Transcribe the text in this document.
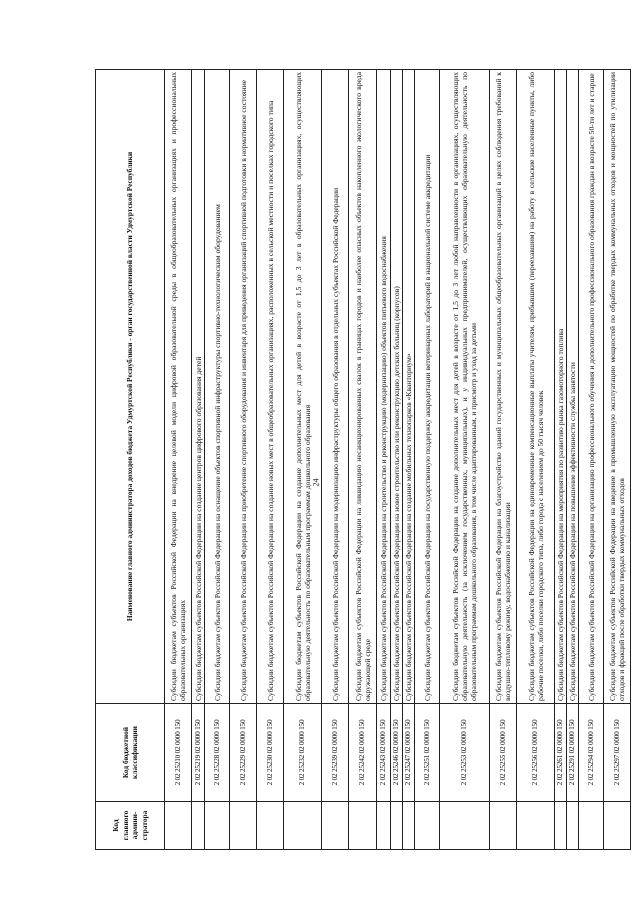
24
Код главного админи-стратора	Код бюджетной классификации	Наименование главного администратора доходов бюджета Удмуртской Республики - орган государственной власти Удмуртской Республики
	2 02 25210 02 0000 150	Субсидии бюджетам субъектов Российской Федерации на внедрение целевой модели цифровой образовательной среды в общеобразовательных организациях и профессиональных образовательных организациях
	2 02 25219 02 0000 150	Субсидии бюджетам субъектов Российской Федерации на создание центров цифрового образования детей
	2 02 25228 02 0000 150	Субсидии бюджетам субъектов Российской Федерации на оснащение объектов спортивной инфраструктуры спортивно-технологическим оборудованием
	2 02 25229 02 0000 150	Субсидии бюджетам субъектов Российской Федерации на приобретение спортивного оборудования и инвентаря для приведения организаций спортивной подготовки в нормативное состояние
	2 02 25230 02 0000 150	Субсидии бюджетам субъектов Российской Федерации на создание новых мест в общеобразовательных организациях, расположенных в сельской местности и поселках городского типа
	2 02 25232 02 0000 150	Субсидии бюджетам субъектов Российской Федерации на создание дополнительных мест для детей в возрасте от 1,5 до 3 лет в образовательных организациях, осуществляющих образовательную деятельность по образовательным программам дошкольного образования
	2 02 25239 02 0000 150	Субсидии бюджетам субъектов Российской Федерации на модернизацию инфраструктуры общего образования в отдельных субъектах Российской Федерации
	2 02 25242 02 0000 150	Субсидии бюджетам субъектов Российской Федерации на ликвидацию несанкционированных свалок в границах городов и наиболее опасных объектов накопленного экологического вреда окружающей среде
	2 02 25243 02 0000 150	Субсидии бюджетам субъектов Российской Федерации на строительство и реконструкцию (модернизацию) объектов питьевого водоснабжения
	2 02 25246 02 0000 150	Субсидии бюджетам субъектов Российской Федерации на новое строительство или реконструкцию детских больниц (корпусов)
	2 02 25247 02 0000 150	Субсидии бюджетам субъектов Российской Федерации на создание мобильных технопарков «Кванториум»
	2 02 25251 02 0000 150	Субсидии бюджетам субъектов Российской Федерации на государственную поддержку аккредитации ветеринарных лабораторий в национальной системе аккредитации
	2 02 25253 02 0000 150	Субсидии бюджетам субъектов Российской Федерации на создание дополнительных мест для детей в возрасте от 1,5 до 3 лет любой направленности в организациях, осуществляющих образовательную деятельность (за исключением государственных, муниципальных), и у индивидуальных предпринимателей, осуществляющих образовательную деятельность по образовательным программам дошкольного образования, в том числе адаптированным, и присмотр и уход за детьми
	2 02 25255 02 0000 150	Субсидии бюджетам субъектов Российской Федерации на благоустройство зданий государственных и муниципальных общеобразовательных организаций в целях соблюдения требований к воздушно-тепловому режиму, водоснабжению и канализации
	2 02 25256 02 0000 150	Субсидии бюджетам субъектов Российской Федерации на единовременные компенсационные выплаты учителям, прибывшим (переехавшим) на работу в сельские населенные пункты, либо рабочие поселки, либо поселки городского типа, либо города с населением до 50 тысяч человек
	2 02 25261 02 0000 150	Субсидии бюджетам субъектов Российской Федерации на мероприятия по развитию рынка газомоторного топлива
	2 02 25291 02 0000 150	Субсидии бюджетам субъектов Российской Федерации на повышение эффективности службы занятости
	2 02 25294 02 0000 150	Субсидии бюджетам субъектов Российской Федерации на организацию профессионального обучения и дополнительного профессионального образования граждан в возрасте 50-ти лет и старше
	2 02 25297 02 0000 150	Субсидии бюджетам субъектов Российской Федерации на введение в промышленную эксплуатацию мощностей по обработке твердых коммунальных отходов и мощностей по утилизации отходов и фракций после обработки твердых коммунальных отходов
